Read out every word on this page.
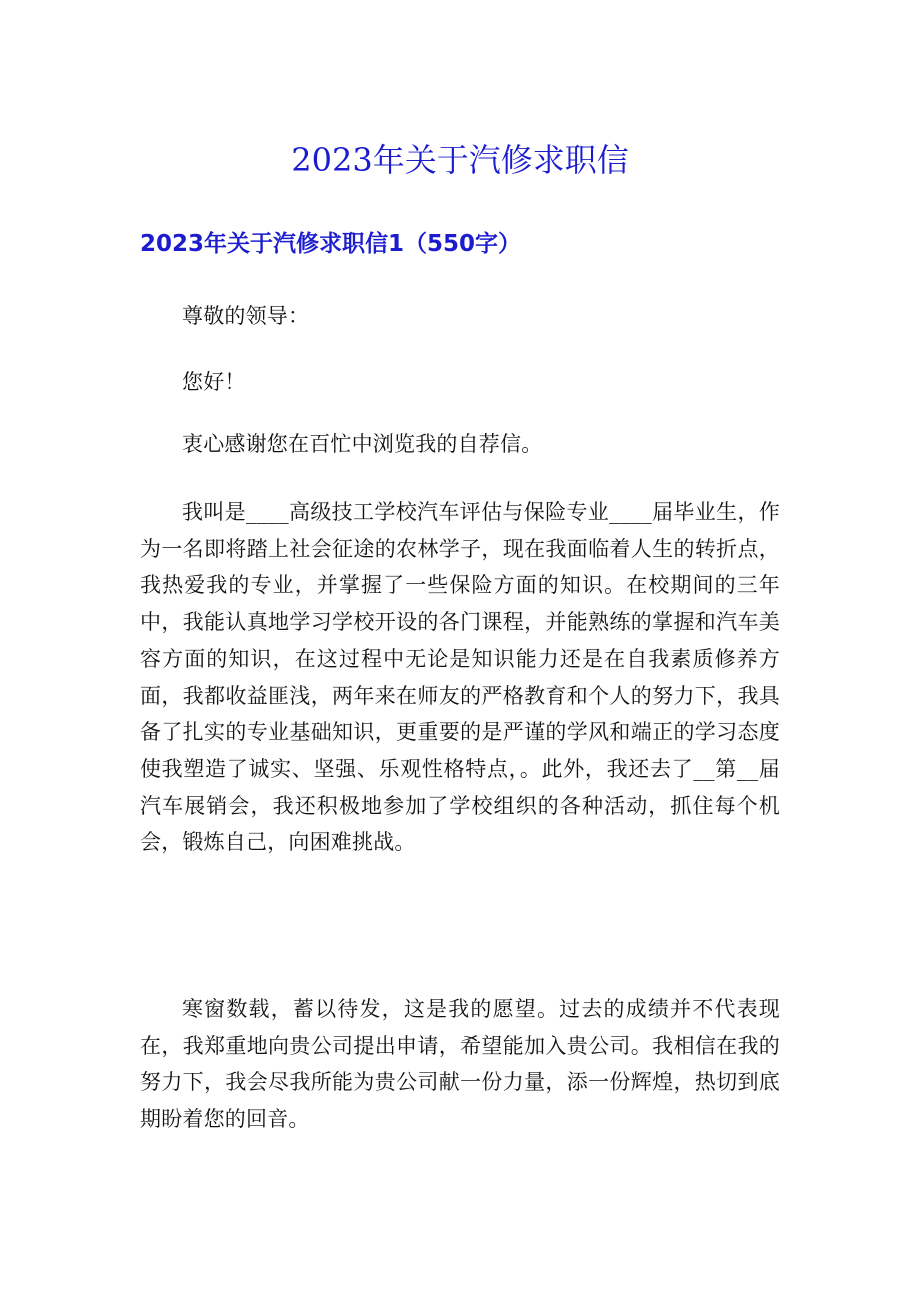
2023年关于汽修求职信
2023年关于汽修求职信1（550字）

尊敬的领导：

您好！

衷心感谢您在百忙中浏览我的自荐信。

我叫是____高级技工学校汽车评估与保险专业____届毕业生，作为一名即将踏上社会征途的农林学子，现在我面临着人生的转折点，我热爱我的专业，并掌握了一些保险方面的知识。在校期间的三年中，我能认真地学习学校开设的各门课程，并能熟练的掌握和汽车美容方面的知识，在这过程中无论是知识能力还是在自我素质修养方面，我都收益匪浅，两年来在师友的严格教育和个人的努力下，我具备了扎实的专业基础知识，更重要的是严谨的学风和端正的学习态度使我塑造了诚实、坚强、乐观性格特点，。此外，我还去了__第__届汽车展销会，我还积极地参加了学校组织的各种活动，抓住每个机会，锻炼自己，向困难挑战。

寒窗数载，蓄以待发，这是我的愿望。过去的成绩并不代表现在，我郑重地向贵公司提出申请，希望能加入贵公司。我相信在我的努力下，我会尽我所能为贵公司献一份力量，添一份辉煌，热切到底期盼着您的回音。
